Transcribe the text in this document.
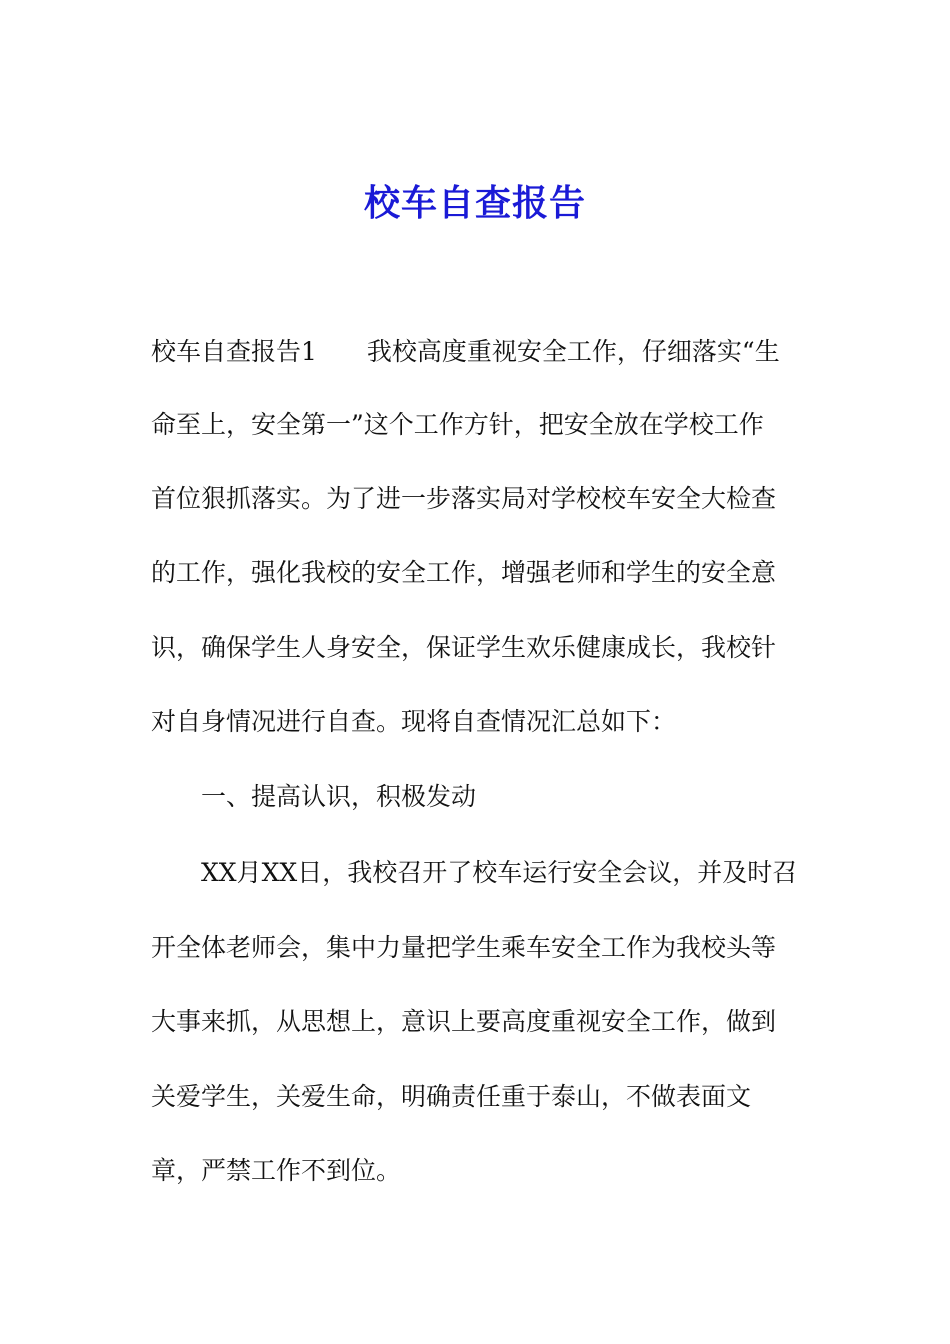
校车自查报告
校车自查报告1　　我校高度重视安全工作，仔细落实“生
命至上，安全第一”这个工作方针，把安全放在学校工作
首位狠抓落实。为了进一步落实局对学校校车安全大检查
的工作，强化我校的安全工作，增强老师和学生的安全意
识，确保学生人身安全，保证学生欢乐健康成长，我校针
对自身情况进行自查。现将自查情况汇总如下：
一、提高认识，积极发动
XX月XX日，我校召开了校车运行安全会议，并及时召
开全体老师会，集中力量把学生乘车安全工作为我校头等
大事来抓，从思想上，意识上要高度重视安全工作，做到
关爱学生，关爱生命，明确责任重于泰山，不做表面文
章，严禁工作不到位。
